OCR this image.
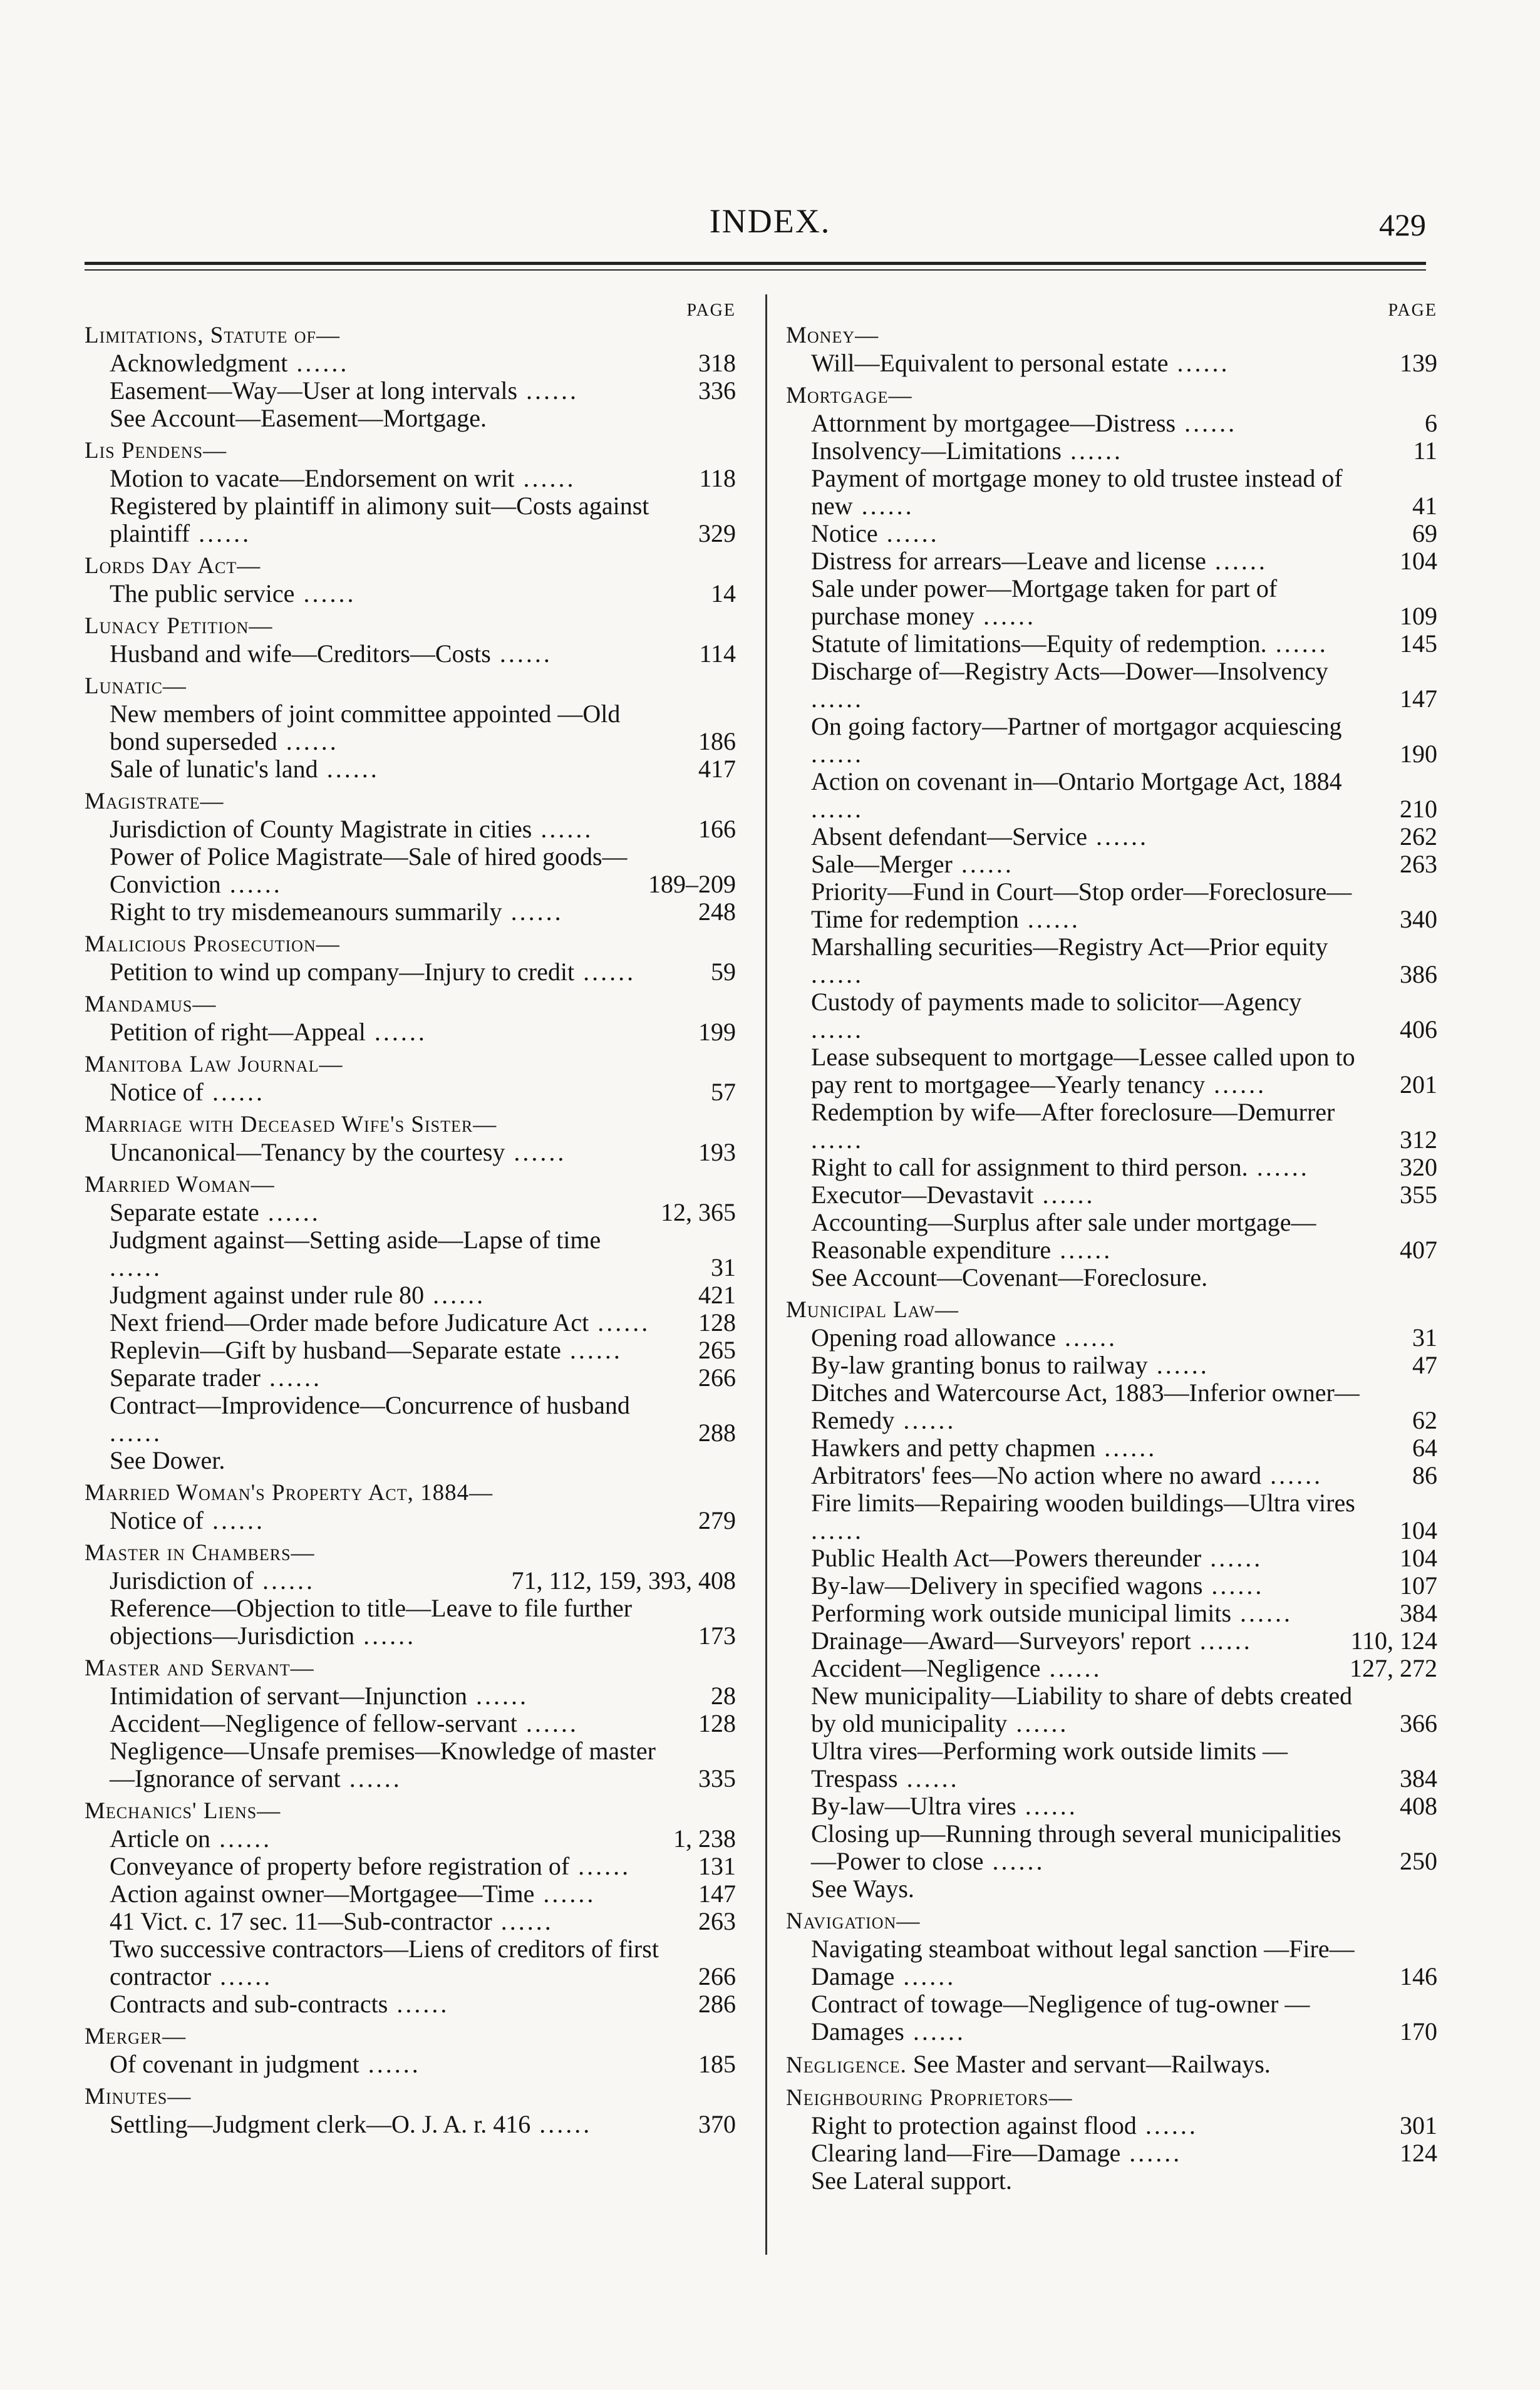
INDEX.	429
PAGE
Limitations, Statute of—
Acknowledgment ......	318
Easement—Way—User at long intervals ......	336
See Account—Easement—Mortgage.
Lis Pendens—
Motion to vacate—Endorsement on writ ......	118
Registered by plaintiff in alimony suit—Costs against plaintiff ......	329
Lords Day Act—
The public service ......	14
Lunacy Petition—
Husband and wife—Creditors—Costs ......	114
Lunatic—
New members of joint committee appointed —Old bond superseded ......	186
Sale of lunatic's land ......	417
Magistrate—
Jurisdiction of County Magistrate in cities ......	166
Power of Police Magistrate—Sale of hired goods—Conviction ......	189–209
Right to try misdemeanours summarily ......	248
Malicious Prosecution—
Petition to wind up company—Injury to credit ......	59
Mandamus—
Petition of right—Appeal ......	199
Manitoba Law Journal—
Notice of ......	57
Marriage with Deceased Wife's Sister—
Uncanonical—Tenancy by the courtesy ......	193
Married Woman—
Separate estate ......	12, 365
Judgment against—Setting aside—Lapse of time ......	31
Judgment against under rule 80 ......	421
Next friend—Order made before Judicature Act ...... 128
Replevin—Gift by husband—Separate estate ......	265
Separate trader ......	266
Contract—Improvidence—Concurrence of husband ......	288
See Dower.
Married Woman's Property Act, 1884—
Notice of ......	279
Master in Chambers—
Jurisdiction of ......	71, 112, 159, 393, 408
Reference—Objection to title—Leave to file further objections—Jurisdiction ......	173
Master and Servant—
Intimidation of servant—Injunction ......	28
Accident—Negligence of fellow-servant ......	128
Negligence—Unsafe premises—Knowledge of master—Ignorance of servant ......	335
Mechanics' Liens—
Article on ......	1, 238
Conveyance of property before registration of ......	131
Action against owner—Mortgagee—Time ......	147
41 Vict. c. 17 sec. 11—Sub-contractor ......	263
Two successive contractors—Liens of creditors of first contractor ......	266
Contracts and sub-contracts ......	286
Merger—
Of covenant in judgment ......	185
Minutes—
Settling—Judgment clerk—O. J. A. r. 416 ......	370
PAGE
Money—
Will—Equivalent to personal estate ......	139
Mortgage—
Attornment by mortgagee—Distress ......	6
Insolvency—Limitations ......	11
Payment of mortgage money to old trustee instead of new ......	41
Notice ......	69
Distress for arrears—Leave and license ......	104
Sale under power—Mortgage taken for part of purchase money ......	109
Statute of limitations—Equity of redemption. ......	145
Discharge of—Registry Acts—Dower—Insolvency ......	147
On going factory—Partner of mortgagor acquiescing ......	190
Action on covenant in—Ontario Mortgage Act, 1884 ......	210
Absent defendant—Service ......	262
Sale—Merger ......	263
Priority—Fund in Court—Stop order—Foreclosure—Time for redemption ......	340
Marshalling securities—Registry Act—Prior equity ......	386
Custody of payments made to solicitor—Agency ......	406
Lease subsequent to mortgage—Lessee called upon to pay rent to mortgagee—Yearly tenancy ......	201
Redemption by wife—After foreclosure—Demurrer ......	312
Right to call for assignment to third person. ......	320
Executor—Devastavit ......	355
Accounting—Surplus after sale under mortgage—Reasonable expenditure ......	407
See Account—Covenant—Foreclosure.
Municipal Law—
Opening road allowance ......	31
By-law granting bonus to railway ......	47
Ditches and Watercourse Act, 1883—Inferior owner—Remedy ......	62
Hawkers and petty chapmen ......	64
Arbitrators' fees—No action where no award ......	86
Fire limits—Repairing wooden buildings—Ultra vires ......	104
Public Health Act—Powers thereunder ......	104
By-law—Delivery in specified wagons ......	107
Performing work outside municipal limits ......	384
Drainage—Award—Surveyors' report ......	110, 124
Accident—Negligence ......	127, 272
New municipality—Liability to share of debts created by old municipality ......	366
Ultra vires—Performing work outside limits —Trespass ......	384
By-law—Ultra vires ......	408
Closing up—Running through several municipalities—Power to close ......	250
See Ways.
Navigation—
Navigating steamboat without legal sanction —Fire—Damage ......	146
Contract of towage—Negligence of tug-owner —Damages ......	170
Negligence. See Master and servant—Railways.
Neighbouring Proprietors—
Right to protection against flood ......	301
Clearing land—Fire—Damage ......	124
See Lateral support.
